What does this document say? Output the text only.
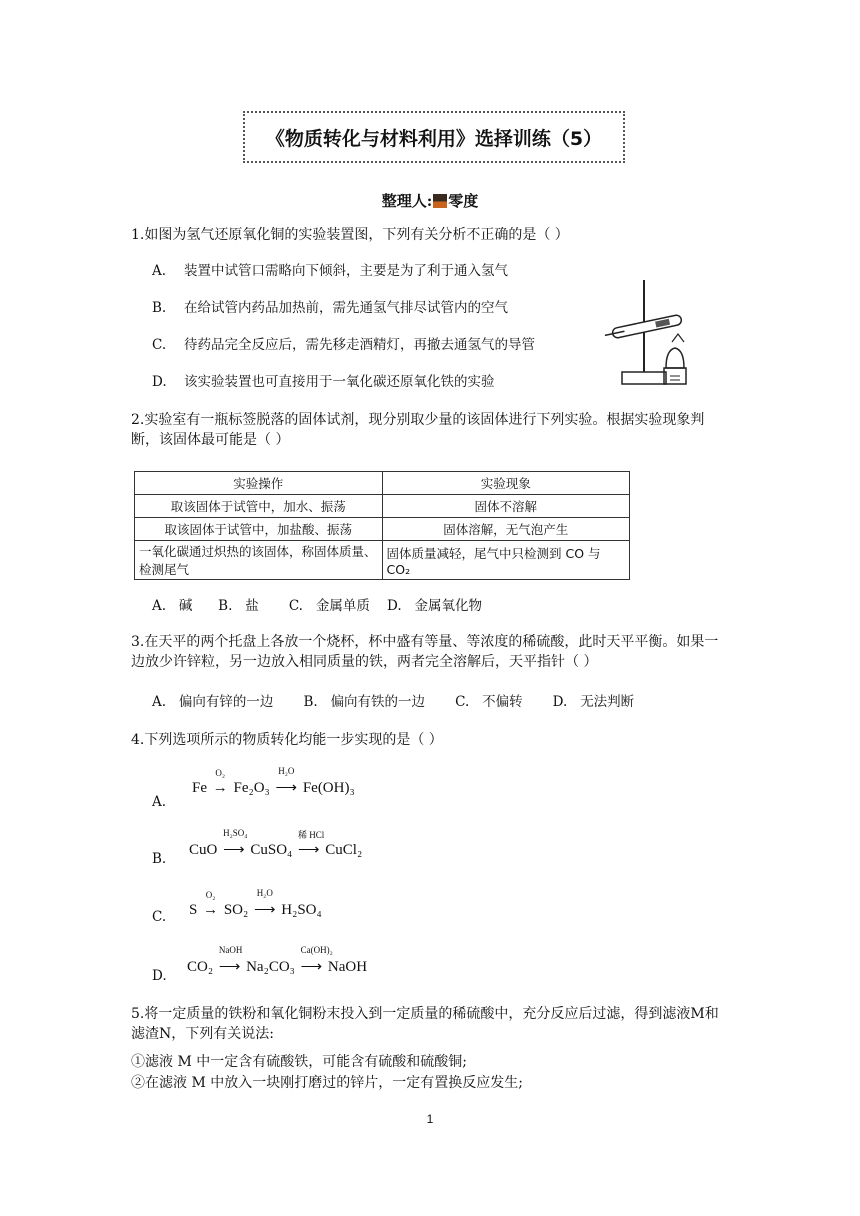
《物质转化与材料利用》选择训练（5）
整理人: 零度
1.如图为氢气还原氧化铜的实验装置图，下列有关分析不正确的是（ ）
A. 装置中试管口需略向下倾斜，主要是为了利于通入氢气
B. 在给试管内药品加热前，需先通氢气排尽试管内的空气
C. 待药品完全反应后，需先移走酒精灯，再撤去通氢气的导管
D. 该实验装置也可直接用于一氧化碳还原氧化铁的实验
2.实验室有一瓶标签脱落的固体试剂，现分别取少量的该固体进行下列实验。根据实验现象判断，该固体最可能是（ ）
实验操作	实验现象
取该固体于试管中，加水、振荡	固体不溶解
取该固体于试管中，加盐酸、振荡	固体溶解，无气泡产生
一氧化碳通过炽热的该固体，称固体质量、检测尾气	固体质量减轻，尾气中只检测到 CO 与 CO₂
A. 碱 B. 盐 C. 金属单质 D. 金属氧化物
3.在天平的两个托盘上各放一个烧杯，杯中盛有等量、等浓度的稀硫酸，此时天平平衡。如果一边放少许锌粒，另一边放入相同质量的铁，两者完全溶解后，天平指针（ ）
A. 偏向有锌的一边 B. 偏向有铁的一边 C. 不偏转 D. 无法判断
4.下列选项所示的物质转化均能一步实现的是（ ）
A.
Fe
O₂
→ Fe₂O₃
H₂O
⟶ Fe(OH)₃
B.
CuO
H₂SO₄
⟶ CuSO₄
稀 HCl
⟶ CuCl₂
C. S
O₂
→ SO₂
H₂O
⟶ H₂SO₄
D.
CO₂
NaOH
⟶ Na₂CO₃
Ca(OH)₂
⟶ NaOH
5.将一定质量的铁粉和氧化铜粉末投入到一定质量的稀硫酸中，充分反应后过滤，得到滤液M和滤渣N，下列有关说法:
①滤液 M 中一定含有硫酸铁，可能含有硫酸和硫酸铜;
②在滤液 M 中放入一块刚打磨过的锌片，一定有置换反应发生;
1
